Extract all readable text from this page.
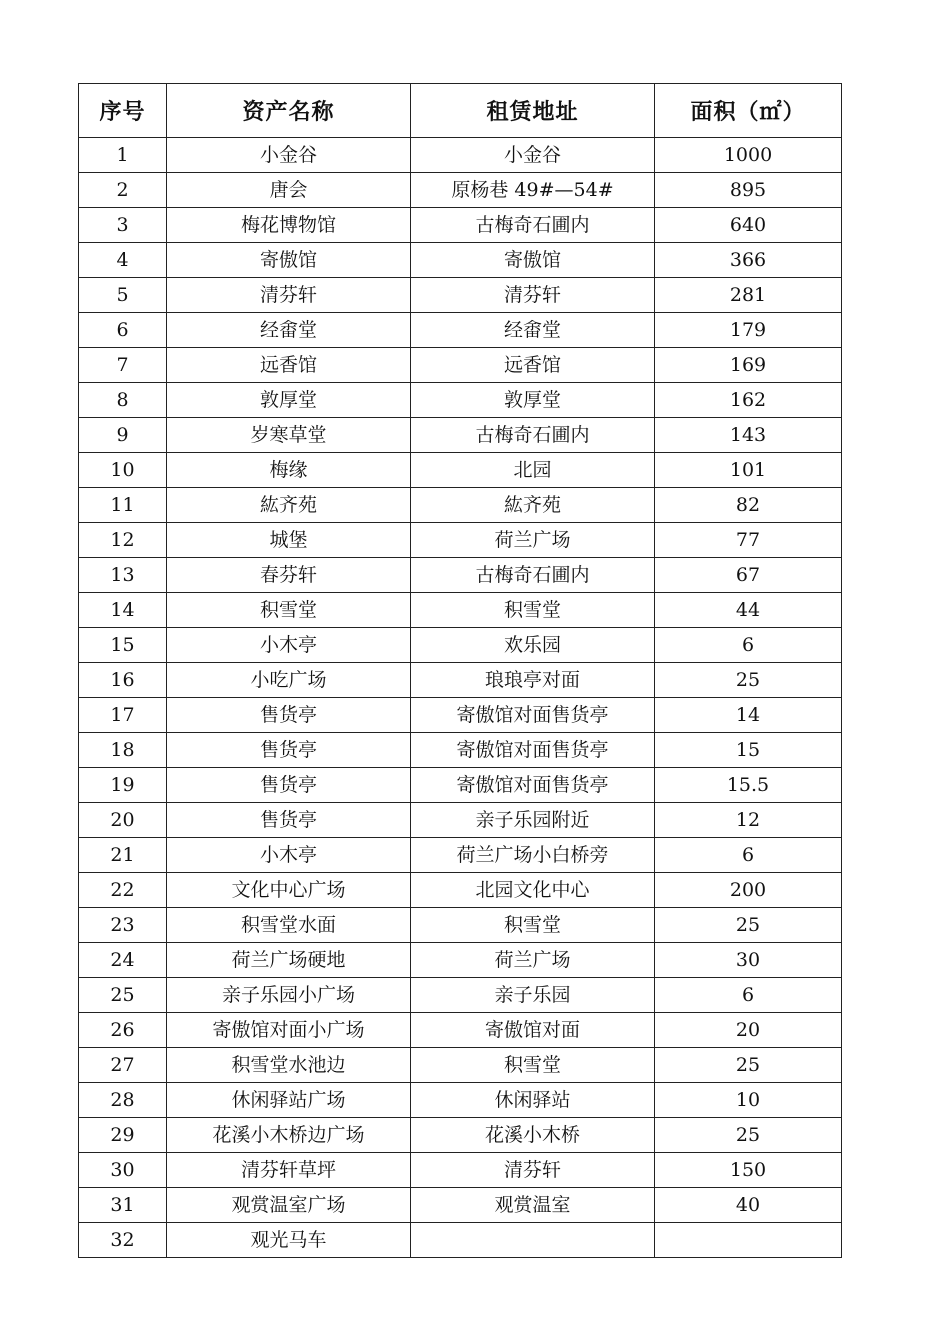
序号	资产名称	租赁地址	面积（㎡）
1	小金谷	小金谷	1000
2	唐会	原杨巷 49#—54#	895
3	梅花博物馆	古梅奇石圃内	640
4	寄傲馆	寄傲馆	366
5	清芬轩	清芬轩	281
6	经畬堂	经畬堂	179
7	远香馆	远香馆	169
8	敦厚堂	敦厚堂	162
9	岁寒草堂	古梅奇石圃内	143
10	梅缘	北园	101
11	紘齐苑	紘齐苑	82
12	城堡	荷兰广场	77
13	春芬轩	古梅奇石圃内	67
14	积雪堂	积雪堂	44
15	小木亭	欢乐园	6
16	小吃广场	琅琅亭对面	25
17	售货亭	寄傲馆对面售货亭	14
18	售货亭	寄傲馆对面售货亭	15
19	售货亭	寄傲馆对面售货亭	15.5
20	售货亭	亲子乐园附近	12
21	小木亭	荷兰广场小白桥旁	6
22	文化中心广场	北园文化中心	200
23	积雪堂水面	积雪堂	25
24	荷兰广场硬地	荷兰广场	30
25	亲子乐园小广场	亲子乐园	6
26	寄傲馆对面小广场	寄傲馆对面	20
27	积雪堂水池边	积雪堂	25
28	休闲驿站广场	休闲驿站	10
29	花溪小木桥边广场	花溪小木桥	25
30	清芬轩草坪	清芬轩	150
31	观赏温室广场	观赏温室	40
32	观光马车		
